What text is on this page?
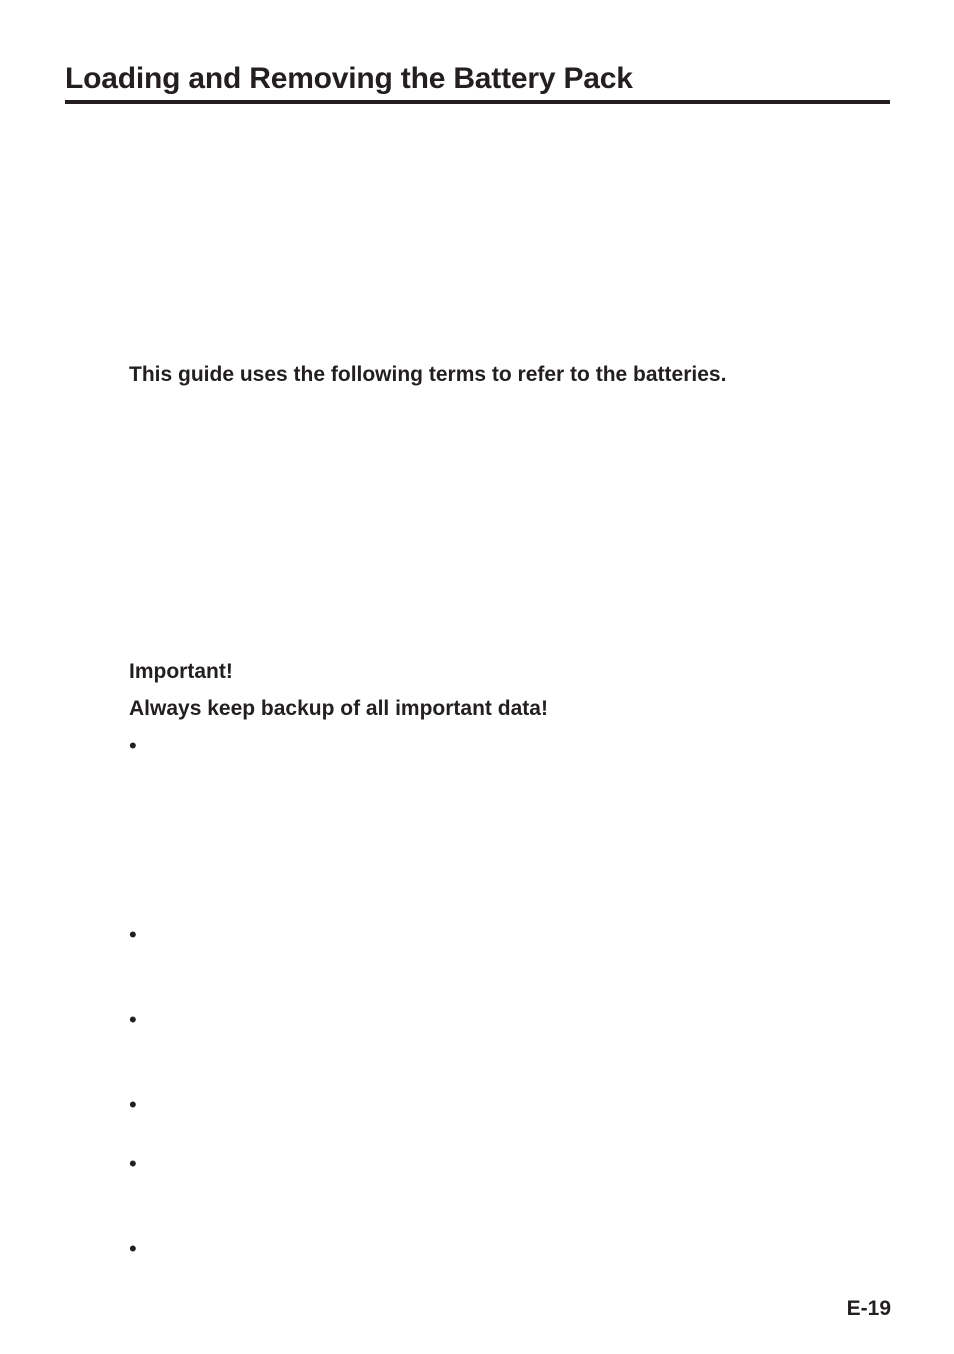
Loading and Removing the Battery Pack

This guide uses the following terms to refer to the batteries.

Important!

Always keep backup of all important data!

•
•
•
•
•
•
E-19
